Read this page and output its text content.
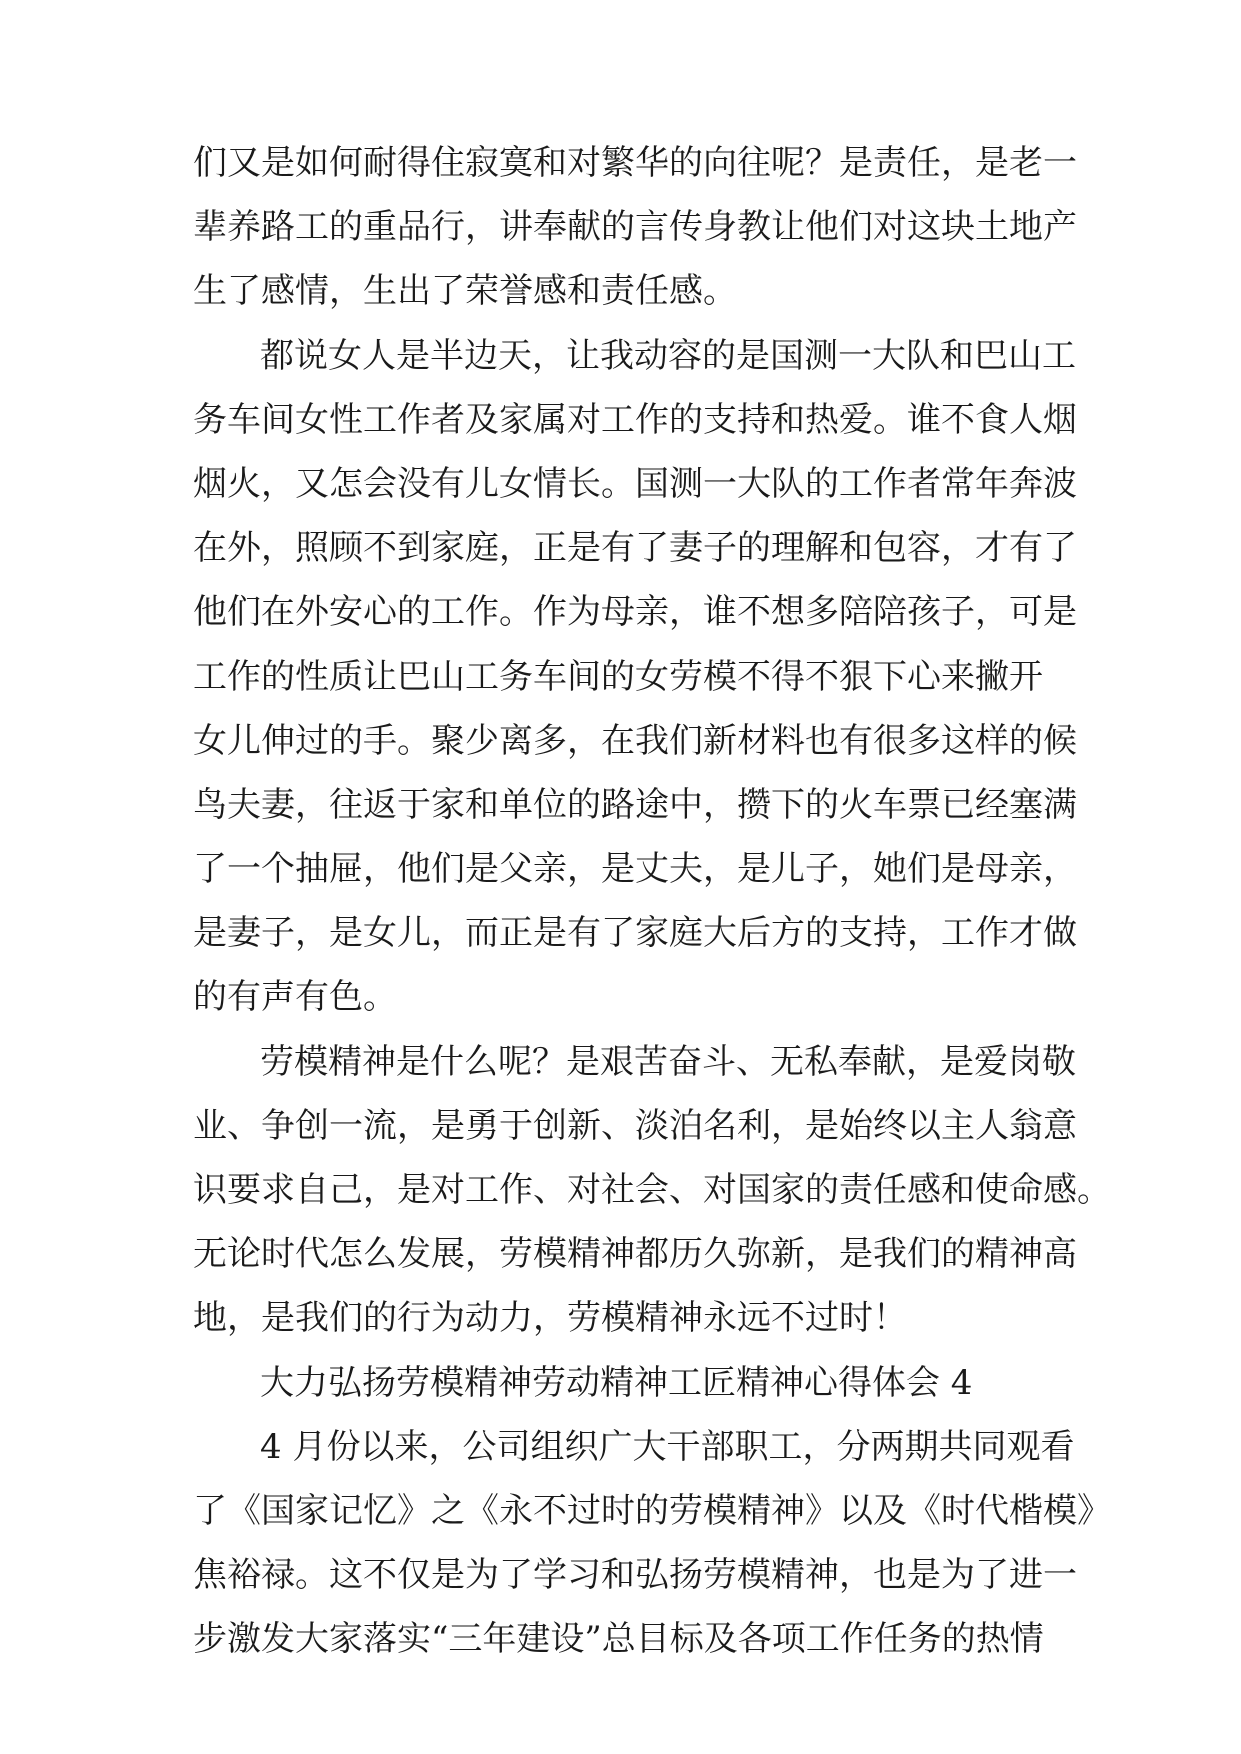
们又是如何耐得住寂寞和对繁华的向往呢？是责任，是老一
辈养路工的重品行，讲奉献的言传身教让他们对这块土地产
生了感情，生出了荣誉感和责任感。
都说女人是半边天，让我动容的是国测一大队和巴山工
务车间女性工作者及家属对工作的支持和热爱。谁不食人烟
烟火，又怎会没有儿女情长。国测一大队的工作者常年奔波
在外，照顾不到家庭，正是有了妻子的理解和包容，才有了
他们在外安心的工作。作为母亲，谁不想多陪陪孩子，可是
工作的性质让巴山工务车间的女劳模不得不狠下心来撇开
女儿伸过的手。聚少离多，在我们新材料也有很多这样的候
鸟夫妻，往返于家和单位的路途中，攒下的火车票已经塞满
了一个抽屉，他们是父亲，是丈夫，是儿子，她们是母亲，
是妻子，是女儿，而正是有了家庭大后方的支持，工作才做
的有声有色。
劳模精神是什么呢？是艰苦奋斗、无私奉献，是爱岗敬
业、争创一流，是勇于创新、淡泊名利，是始终以主人翁意
识要求自己，是对工作、对社会、对国家的责任感和使命感。
无论时代怎么发展，劳模精神都历久弥新，是我们的精神高
地，是我们的行为动力，劳模精神永远不过时！
大力弘扬劳模精神劳动精神工匠精神心得体会 4
4 月份以来，公司组织广大干部职工，分两期共同观看
了《国家记忆》之《永不过时的劳模精神》以及《时代楷模》
焦裕禄。这不仅是为了学习和弘扬劳模精神，也是为了进一
步激发大家落实“三年建设”总目标及各项工作任务的热情
